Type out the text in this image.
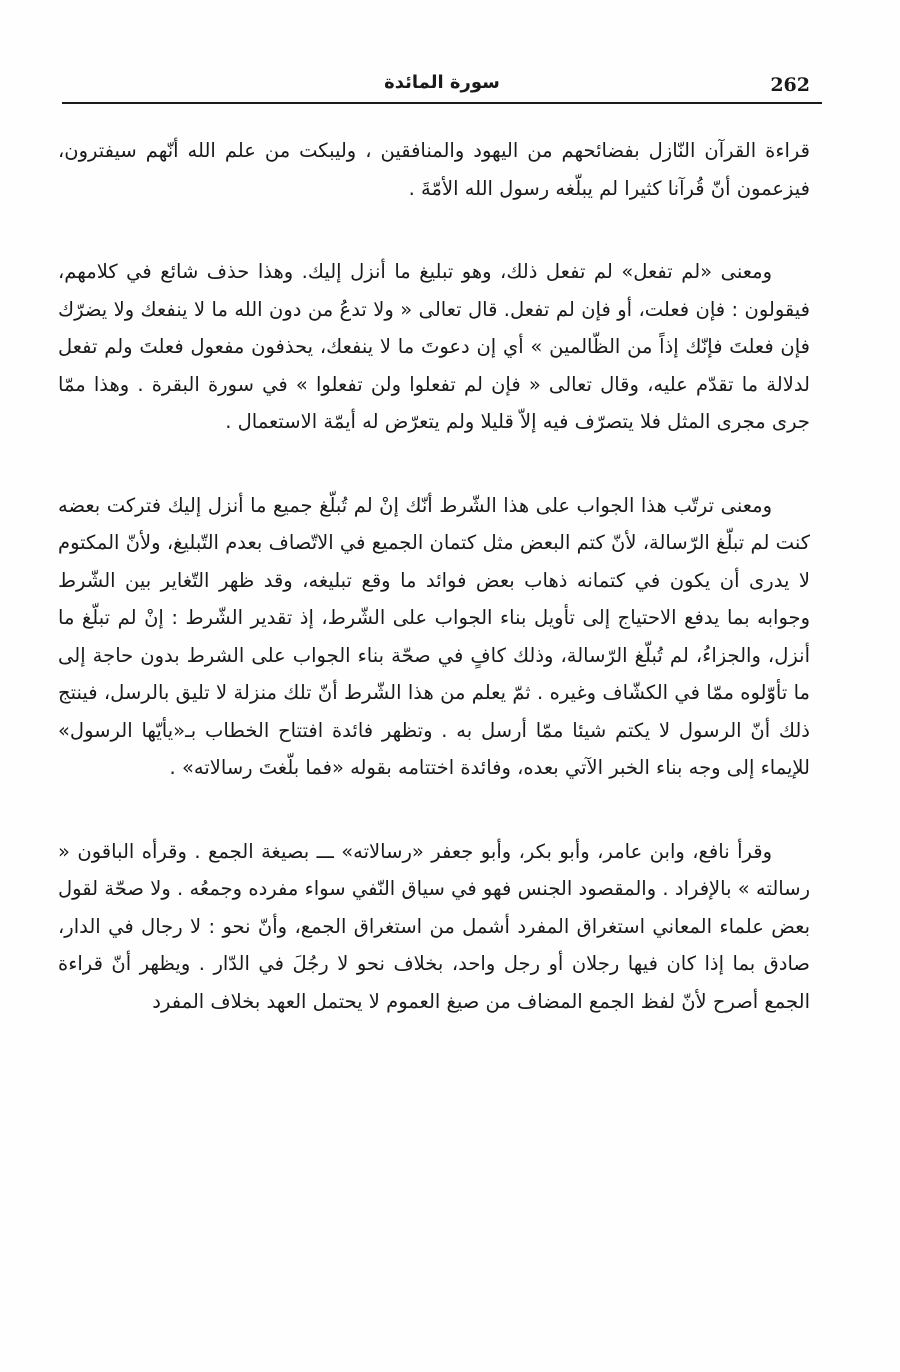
262
سورة المائدة

قراءة القرآن النّازل بفضائحهم من اليهود والمنافقين ، وليبكت من علم الله أنّهم سيفترون، فيزعمون أنّ قُرآنا كثيرا لم يبلّغه رسول الله الأمّةَ .

ومعنى «لم تفعل» لم تفعل ذلك، وهو تبليغ ما أنزل إليك. وهذا حذف شائع في كلامهم، فيقولون : فإن فعلت، أو فإن لم تفعل. قال تعالى « ولا تدعُ من دون الله ما لا ينفعك ولا يضرّك فإن فعلتَ فإنّك إذاً من الظّالمين » أي إن دعوتَ ما لا ينفعك، يحذفون مفعول فعلتَ ولم تفعل لدلالة ما تقدّم عليه، وقال تعالى « فإن لم تفعلوا ولن تفعلوا » في سورة البقرة . وهذا ممّا جرى مجرى المثل فلا يتصرّف فيه إلاّ قليلا ولم يتعرّض له أيمّة الاستعمال .

ومعنى ترتّب هذا الجواب على هذا الشّرط أنّك إنْ لم تُبلّغ جميع ما أنزل إليك فتركت بعضه كنت لم تبلّغ الرّسالة، لأنّ كتم البعض مثل كتمان الجميع في الاتّصاف بعدم التّبليغ، ولأنّ المكتوم لا يدرى أن يكون في كتمانه ذهاب بعض فوائد ما وقع تبليغه، وقد ظهر التّغاير بين الشّرط وجوابه بما يدفع الاحتياج إلى تأويل بناء الجواب على الشّرط، إذ تقدير الشّرط : إنْ لم تبلّغ ما أنزل، والجزاءُ، لم تُبلّغ الرّسالة، وذلك كافٍ في صحّة بناء الجواب على الشرط بدون حاجة إلى ما تأوّلوه ممّا في الكشّاف وغيره . ثمّ يعلم من هذا الشّرط أنّ تلك منزلة لا تليق بالرسل، فينتج ذلك أنّ الرسول لا يكتم شيئا ممّا أرسل به . وتظهر فائدة افتتاح الخطاب بـ«يأيّها الرسول» للإيماء إلى وجه بناء الخبر الآتي بعده، وفائدة اختتامه بقوله «فما بلّغتَ رسالاته» .

وقرأ نافع، وابن عامر، وأبو بكر، وأبو جعفر «رسالاته» ـــ بصيغة الجمع . وقرأه الباقون « رسالته » بالإفراد . والمقصود الجنس فهو في سياق النّفي سواء مفرده وجمعُه . ولا صحّة لقول بعض علماء المعاني استغراق المفرد أشمل من استغراق الجمع، وأنّ نحو : لا رجال في الدار، صادق بما إذا كان فيها رجلان أو رجل واحد، بخلاف نحو لا رجُلَ في الدّار . ويظهر أنّ قراءة الجمع أصرح لأنّ لفظ الجمع المضاف من صيغ العموم لا يحتمل العهد بخلاف المفرد
